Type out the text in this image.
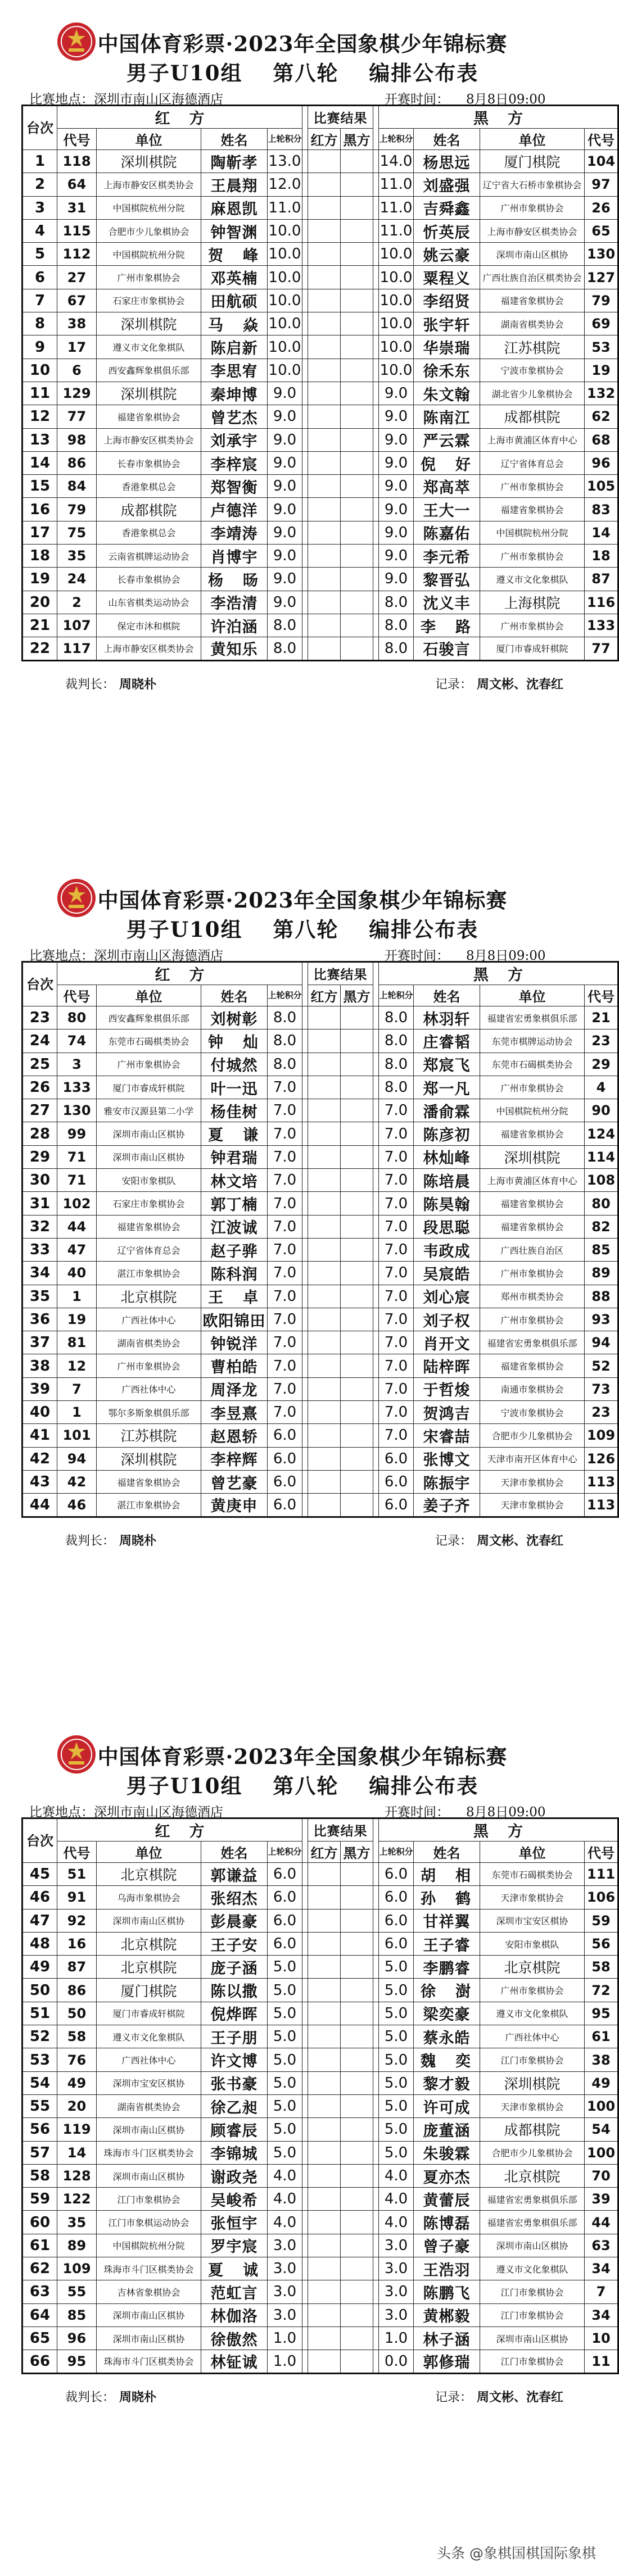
中国体育彩票·2023年全国象棋少年锦标赛
男子U10组　 第八轮　 编排公布表
比赛地点：深圳市南山区海德酒店	开赛时间： 8月8日09:00
台次	红方					比赛结果			黑方			
	代号	单位	姓名	上轮积分		红方	黑方		上轮积分	姓名	单位	代号
1	118	深圳棋院	陶靳孝	13.0					14.0	杨思远	厦门棋院	104
2	64	上海市静安区棋类协会	王晨翔	12.0					11.0	刘盛强	辽宁省大石桥市象棋协会	97
3	31	中国棋院杭州分院	麻恩凯	11.0					11.0	吉舜鑫	广州市象棋协会	26
4	115	合肥市少儿象棋协会	钟智渊	10.0					11.0	忻英辰	上海市静安区棋类协会	65
5	112	中国棋院杭州分院	贺　峰	10.0					10.0	姚云豪	深圳市南山区棋协	130
6	27	广州市象棋协会	邓英楠	10.0					10.0	粟程义	广西壮族自治区棋类协会	127
7	67	石家庄市象棋协会	田航硕	10.0					10.0	李绍贤	福建省象棋协会	79
8	38	深圳棋院	马　焱	10.0					10.0	张宇轩	湖南省棋类协会	69
9	17	遵义市文化象棋队	陈启新	10.0					10.0	华崇瑞	江苏棋院	53
10	6	西安鑫辉象棋俱乐部	李思宥	10.0					10.0	徐禾东	宁波市象棋协会	19
11	129	深圳棋院	秦坤博	9.0					9.0	朱文翰	湖北省少儿象棋协会	132
12	77	福建省象棋协会	曾艺杰	9.0					9.0	陈南江	成都棋院	62
13	98	上海市静安区棋类协会	刘承宇	9.0					9.0	严云霖	上海市黄浦区体育中心	68
14	86	长春市象棋协会	李梓宸	9.0					9.0	倪　好	辽宁省体育总会	96
15	84	香港象棋总会	郑智衡	9.0					9.0	郑高萃	广州市象棋协会	105
16	79	成都棋院	卢德洋	9.0					9.0	王大一	福建省象棋协会	83
17	75	香港象棋总会	李靖涛	9.0					9.0	陈嘉佑	中国棋院杭州分院	14
18	35	云南省棋牌运动协会	肖博宇	9.0					9.0	李元希	广州市象棋协会	18
19	24	长春市象棋协会	杨　旸	9.0					9.0	黎晋弘	遵义市文化象棋队	87
20	2	山东省棋类运动协会	李浩清	9.0					8.0	沈义丰	上海棋院	116
21	107	保定市沐和棋院	许泊涵	8.0					8.0	李　路	广州市象棋协会	133
22	117	上海市静安区棋类协会	黄知乐	8.0					8.0	石骏言	厦门市睿成轩棋院	77
裁判长： 周晓朴	记录： 周文彬、沈春红
中国体育彩票·2023年全国象棋少年锦标赛
男子U10组　 第八轮　 编排公布表
比赛地点：深圳市南山区海德酒店	开赛时间： 8月8日09:00
台次	红方					比赛结果			黑方			
	代号	单位	姓名	上轮积分		红方	黑方		上轮积分	姓名	单位	代号
23	80	西安鑫辉象棋俱乐部	刘树彰	8.0					8.0	林羽轩	福建省宏勇象棋俱乐部	21
24	74	东莞市石碣棋类协会	钟　灿	8.0					8.0	庄睿韬	东莞市棋牌运动协会	23
25	3	广州市象棋协会	付城然	8.0					8.0	郑宸飞	东莞市石碣棋类协会	29
26	133	厦门市睿成轩棋院	叶一迅	7.0					8.0	郑一凡	广州市象棋协会	4
27	130	雅安市汉源县第二小学	杨佳树	7.0					7.0	潘俞霖	中国棋院杭州分院	90
28	99	深圳市南山区棋协	夏　谦	7.0					7.0	陈彦初	福建省象棋协会	124
29	71	深圳市南山区棋协	钟君瑞	7.0					7.0	林灿峰	深圳棋院	114
30	71	安阳市象棋队	林文培	7.0					7.0	陈培晨	上海市黄浦区体育中心	108
31	102	石家庄市象棋协会	郭丁楠	7.0					7.0	陈昊翰	福建省象棋协会	80
32	44	福建省象棋协会	江波诚	7.0					7.0	段思聪	福建省象棋协会	82
33	47	辽宁省体育总会	赵子骅	7.0					7.0	韦政成	广西壮族自治区	85
34	40	湛江市象棋协会	陈科润	7.0					7.0	吴宸皓	广州市象棋协会	89
35	1	北京棋院	王　卓	7.0					7.0	刘心宸	郑州市棋类协会	88
36	19	广西社体中心	欧阳锦田	7.0					7.0	刘子权	广州市象棋协会	93
37	81	湖南省棋类协会	钟锐洋	7.0					7.0	肖开文	福建省宏勇象棋俱乐部	94
38	12	广州市象棋协会	曹柏皓	7.0					7.0	陆梓晖	福建省象棋协会	52
39	7	广西社体中心	周泽龙	7.0					7.0	于哲焌	南通市象棋协会	73
40	1	鄂尔多斯象棋俱乐部	李昱熹	7.0					7.0	贺鸿吉	宁波市象棋协会	23
41	101	江苏棋院	赵恩轿	6.0					7.0	宋睿喆	合肥市少儿象棋协会	109
42	94	深圳棋院	李梓辉	6.0					6.0	张博文	天津市南开区体育中心	126
43	42	福建省象棋协会	曾艺豪	6.0					6.0	陈振宇	天津市象棋协会	113
44	46	湛江市象棋协会	黄庚申	6.0					6.0	姜子齐	天津市象棋协会	113
裁判长： 周晓朴	记录： 周文彬、沈春红
中国体育彩票·2023年全国象棋少年锦标赛
男子U10组　 第八轮　 编排公布表
比赛地点：深圳市南山区海德酒店	开赛时间： 8月8日09:00
台次	红方					比赛结果			黑方			
	代号	单位	姓名	上轮积分		红方	黑方		上轮积分	姓名	单位	代号
45	51	北京棋院	郭谦益	6.0					6.0	胡　相	东莞市石碣棋类协会	111
46	91	乌海市象棋协会	张绍杰	6.0					6.0	孙　鹤	天津市象棋协会	106
47	92	深圳市南山区棋协	彭晨豪	6.0					6.0	甘祥翼	深圳市宝安区棋协	59
48	16	北京棋院	王子安	6.0					6.0	王子睿	安阳市象棋队	56
49	87	北京棋院	庞子涵	5.0					5.0	李鹏睿	北京棋院	58
50	86	厦门棋院	陈以撒	5.0					5.0	徐　澍	广州市象棋协会	72
51	50	厦门市睿成轩棋院	倪烨晖	5.0					5.0	梁奕豪	遵义市文化象棋队	95
52	58	遵义市文化象棋队	王子朋	5.0					5.0	蔡永皓	广西社体中心	61
53	76	广西社体中心	许文博	5.0					5.0	魏　奕	江门市象棋协会	38
54	49	深圳市宝安区棋协	张书豪	5.0					5.0	黎才毅	深圳棋院	49
55	20	湖南省棋类协会	徐乙昶	5.0					5.0	许可成	天津市象棋协会	100
56	119	深圳市南山区棋协	顾睿辰	5.0					5.0	庞董涵	成都棋院	54
57	14	珠海市斗门区棋类协会	李锦城	5.0					5.0	朱骏霖	合肥市少儿象棋协会	100
58	128	深圳市南山区棋协	谢政尧	4.0					4.0	夏亦杰	北京棋院	70
59	122	江门市象棋协会	吴峻希	4.0					4.0	黄蕾辰	福建省宏勇象棋俱乐部	39
60	35	江门市象棋运动协会	张恒宇	4.0					4.0	陈博磊	福建省宏勇象棋俱乐部	44
61	89	中国棋院杭州分院	罗宇宸	3.0					3.0	曾子豪	深圳市南山区棋协	63
62	109	珠海市斗门区棋类协会	夏　诚	3.0					3.0	王浩羽	遵义市文化象棋队	34
63	55	吉林省象棋协会	范虹言	3.0					3.0	陈鹏飞	江门市象棋协会	7
64	85	深圳市南山区棋协	林伽洛	3.0					3.0	黄郴毅	江门市象棋协会	34
65	96	深圳市南山区棋协	徐傲然	1.0					1.0	林子涵	深圳市南山区棋协	10
66	95	珠海市斗门区棋类协会	林钲诚	1.0					0.0	郭修瑞	江门市象棋协会	11
裁判长： 周晓朴	记录： 周文彬、沈春红
头条 @象棋国棋国际象棋
